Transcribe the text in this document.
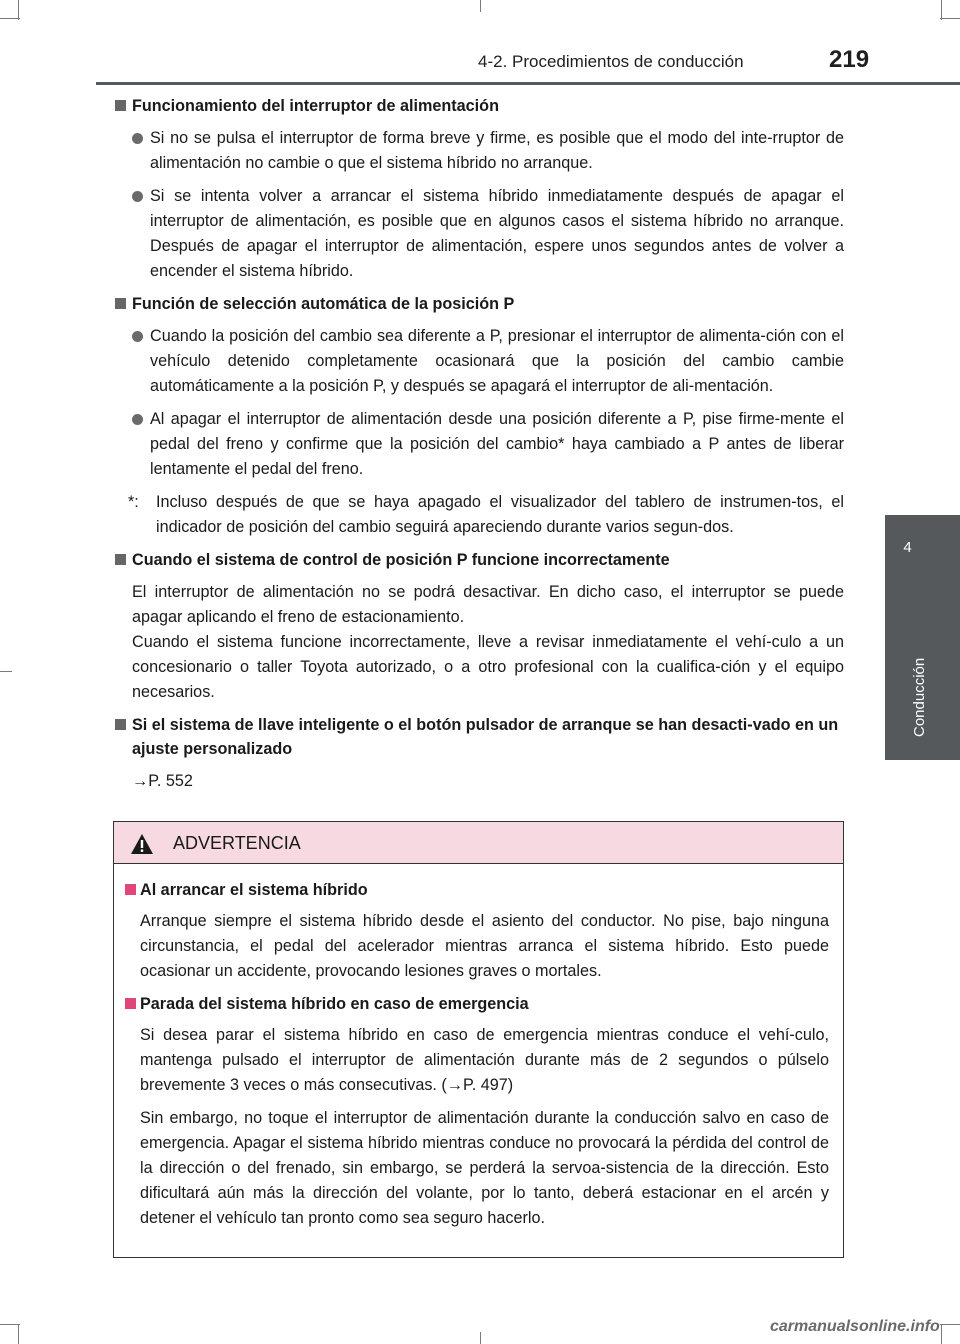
4-2. Procedimientos de conducción	219
4
Conducción
Funcionamiento del interruptor de alimentación
Si no se pulsa el interruptor de forma breve y firme, es posible que el modo del inte-rruptor de alimentación no cambie o que el sistema híbrido no arranque.
Si se intenta volver a arrancar el sistema híbrido inmediatamente después de apagar el interruptor de alimentación, es posible que en algunos casos el sistema híbrido no arranque. Después de apagar el interruptor de alimentación, espere unos segundos antes de volver a encender el sistema híbrido.
Función de selección automática de la posición P
Cuando la posición del cambio sea diferente a P, presionar el interruptor de alimenta-ción con el vehículo detenido completamente ocasionará que la posición del cambio cambie automáticamente a la posición P, y después se apagará el interruptor de ali-mentación.
Al apagar el interruptor de alimentación desde una posición diferente a P, pise firme-mente el pedal del freno y confirme que la posición del cambio* haya cambiado a P antes de liberar lentamente el pedal del freno.
*: Incluso después de que se haya apagado el visualizador del tablero de instrumen-tos, el indicador de posición del cambio seguirá apareciendo durante varios segun-dos.
Cuando el sistema de control de posición P funcione incorrectamente
El interruptor de alimentación no se podrá desactivar. En dicho caso, el interruptor se puede apagar aplicando el freno de estacionamiento.
Cuando el sistema funcione incorrectamente, lleve a revisar inmediatamente el vehí-culo a un concesionario o taller Toyota autorizado, o a otro profesional con la cualifica-ción y el equipo necesarios.
Si el sistema de llave inteligente o el botón pulsador de arranque se han desacti-vado en un ajuste personalizado
→P. 552
ADVERTENCIA
Al arrancar el sistema híbrido
Arranque siempre el sistema híbrido desde el asiento del conductor. No pise, bajo ninguna circunstancia, el pedal del acelerador mientras arranca el sistema híbrido. Esto puede ocasionar un accidente, provocando lesiones graves o mortales.
Parada del sistema híbrido en caso de emergencia
Si desea parar el sistema híbrido en caso de emergencia mientras conduce el vehí-culo, mantenga pulsado el interruptor de alimentación durante más de 2 segundos o púlselo brevemente 3 veces o más consecutivas. (→P. 497)
Sin embargo, no toque el interruptor de alimentación durante la conducción salvo en caso de emergencia. Apagar el sistema híbrido mientras conduce no provocará la pérdida del control de la dirección o del frenado, sin embargo, se perderá la servoa-sistencia de la dirección. Esto dificultará aún más la dirección del volante, por lo tanto, deberá estacionar en el arcén y detener el vehículo tan pronto como sea seguro hacerlo.
carmanualsonline.info
